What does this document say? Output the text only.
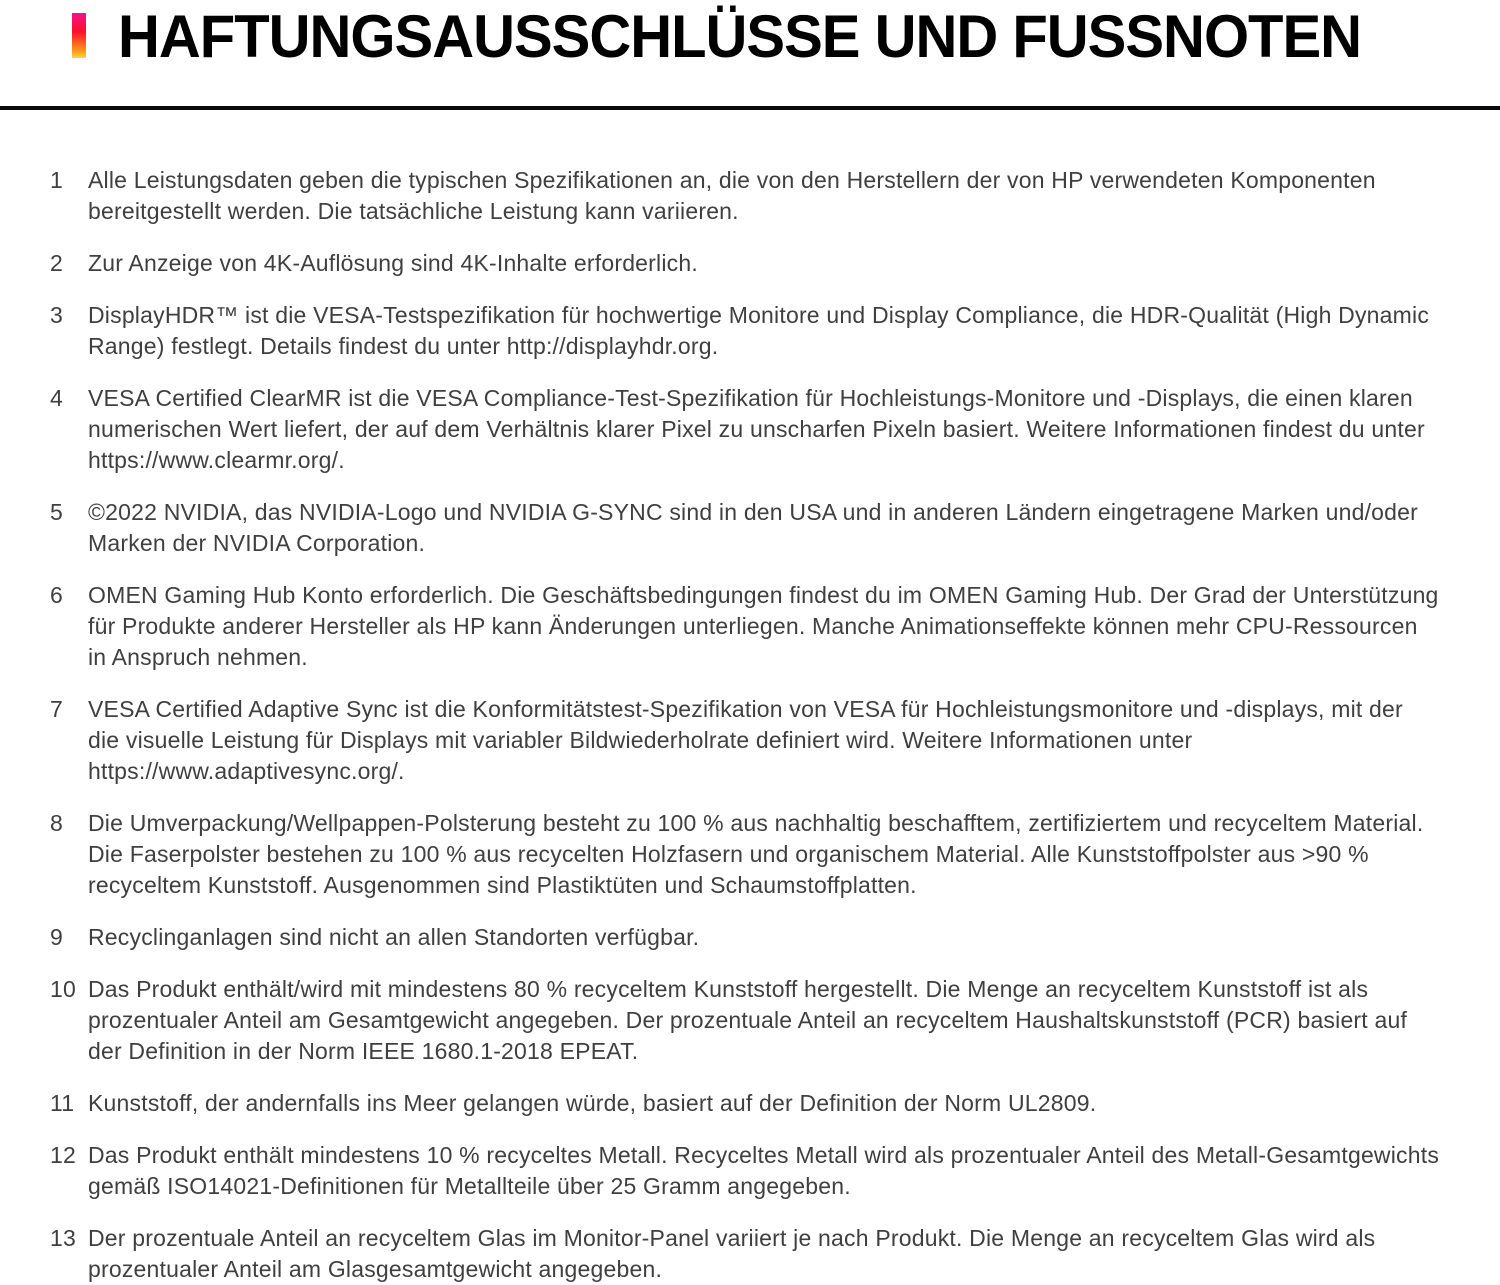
HAFTUNGSAUSSCHLÜSSE UND FUSSNOTEN
1	Alle Leistungsdaten geben die typischen Spezifikationen an, die von den Herstellern der von HP verwendeten Komponenten bereitgestellt werden. Die tatsächliche Leistung kann variieren.
2	Zur Anzeige von 4K-Auflösung sind 4K-Inhalte erforderlich.
3	DisplayHDR™ ist die VESA-Testspezifikation für hochwertige Monitore und Display Compliance, die HDR-Qualität (High Dynamic Range) festlegt. Details findest du unter http://displayhdr.org.
4	VESA Certified ClearMR ist die VESA Compliance-Test-Spezifikation für Hochleistungs-Monitore und -Displays, die einen klaren numerischen Wert liefert, der auf dem Verhältnis klarer Pixel zu unscharfen Pixeln basiert. Weitere Informationen findest du unter https://www.clearmr.org/.
5	©2022 NVIDIA, das NVIDIA-Logo und NVIDIA G-SYNC sind in den USA und in anderen Ländern eingetragene Marken und/oder Marken der NVIDIA Corporation.
6	OMEN Gaming Hub Konto erforderlich. Die Geschäftsbedingungen findest du im OMEN Gaming Hub. Der Grad der Unterstützung für Produkte anderer Hersteller als HP kann Änderungen unterliegen. Manche Animationseffekte können mehr CPU-Ressourcen in Anspruch nehmen.
7	VESA Certified Adaptive Sync ist die Konformitätstest-Spezifikation von VESA für Hochleistungsmonitore und -displays, mit der die visuelle Leistung für Displays mit variabler Bildwiederholrate definiert wird. Weitere Informationen unter https://www.adaptivesync.org/.
8	Die Umverpackung/Wellpappen-Polsterung besteht zu 100 % aus nachhaltig beschafftem, zertifiziertem und recyceltem Material. Die Faserpolster bestehen zu 100 % aus recycelten Holzfasern und organischem Material. Alle Kunststoffpolster aus >90 % recyceltem Kunststoff. Ausgenommen sind Plastiktüten und Schaumstoffplatten.
9	Recyclinganlagen sind nicht an allen Standorten verfügbar.
10 Das Produkt enthält/wird mit mindestens 80 % recyceltem Kunststoff hergestellt. Die Menge an recyceltem Kunststoff ist als prozentualer Anteil am Gesamtgewicht angegeben. Der prozentuale Anteil an recyceltem Haushaltskunststoff (PCR) basiert auf der Definition in der Norm IEEE 1680.1-2018 EPEAT.
11 Kunststoff, der andernfalls ins Meer gelangen würde, basiert auf der Definition der Norm UL2809.
12 Das Produkt enthält mindestens 10 % recyceltes Metall. Recyceltes Metall wird als prozentualer Anteil des Metall-Gesamtgewichts gemäß ISO14021-Definitionen für Metallteile über 25 Gramm angegeben.
13 Der prozentuale Anteil an recyceltem Glas im Monitor-Panel variiert je nach Produkt. Die Menge an recyceltem Glas wird als prozentualer Anteil am Glasgesamtgewicht angegeben.
